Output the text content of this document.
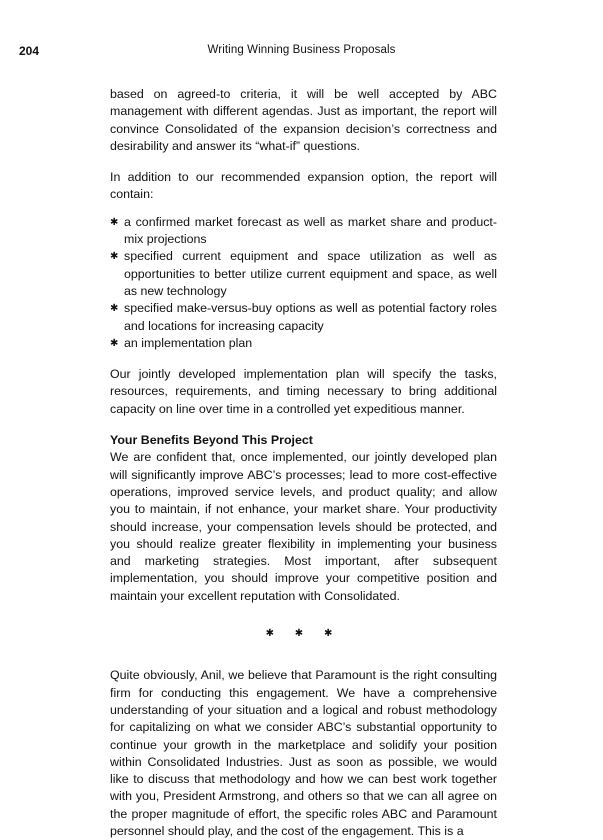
204	Writing Winning Business Proposals

based on agreed-to criteria, it will be well accepted by ABC management with different agendas. Just as important, the report will convince Consolidated of the expansion decision’s correctness and desirability and answer its “what-if” questions.

In addition to our recommended expansion option, the report will contain:

✱ a confirmed market forecast as well as market share and product-mix projections
✱ specified current equipment and space utilization as well as opportunities to better utilize current equipment and space, as well as new technology
✱ specified make-versus-buy options as well as potential factory roles and locations for increasing capacity
✱ an implementation plan

Our jointly developed implementation plan will specify the tasks, resources, requirements, and timing necessary to bring additional capacity on line over time in a controlled yet expeditious manner.

Your Benefits Beyond This Project

We are confident that, once implemented, our jointly developed plan will significantly improve ABC’s processes; lead to more cost-effective operations, improved service levels, and product quality; and allow you to maintain, if not enhance, your market share. Your productivity should increase, your compensation levels should be protected, and you should realize greater flexibility in implementing your business and marketing strategies. Most important, after subsequent implementation, you should improve your competitive position and maintain your excellent reputation with Consolidated.

✱ ✱ ✱

Quite obviously, Anil, we believe that Paramount is the right consulting firm for conducting this engagement. We have a comprehensive understanding of your situation and a logical and robust methodology for capitalizing on what we consider ABC’s substantial opportunity to continue your growth in the marketplace and solidify your position within Consolidated Industries. Just as soon as possible, we would like to discuss that methodology and how we can best work together with you, President Armstrong, and others so that we can all agree on the proper magnitude of effort, the specific roles ABC and Paramount personnel should play, and the cost of the engagement. This is a
